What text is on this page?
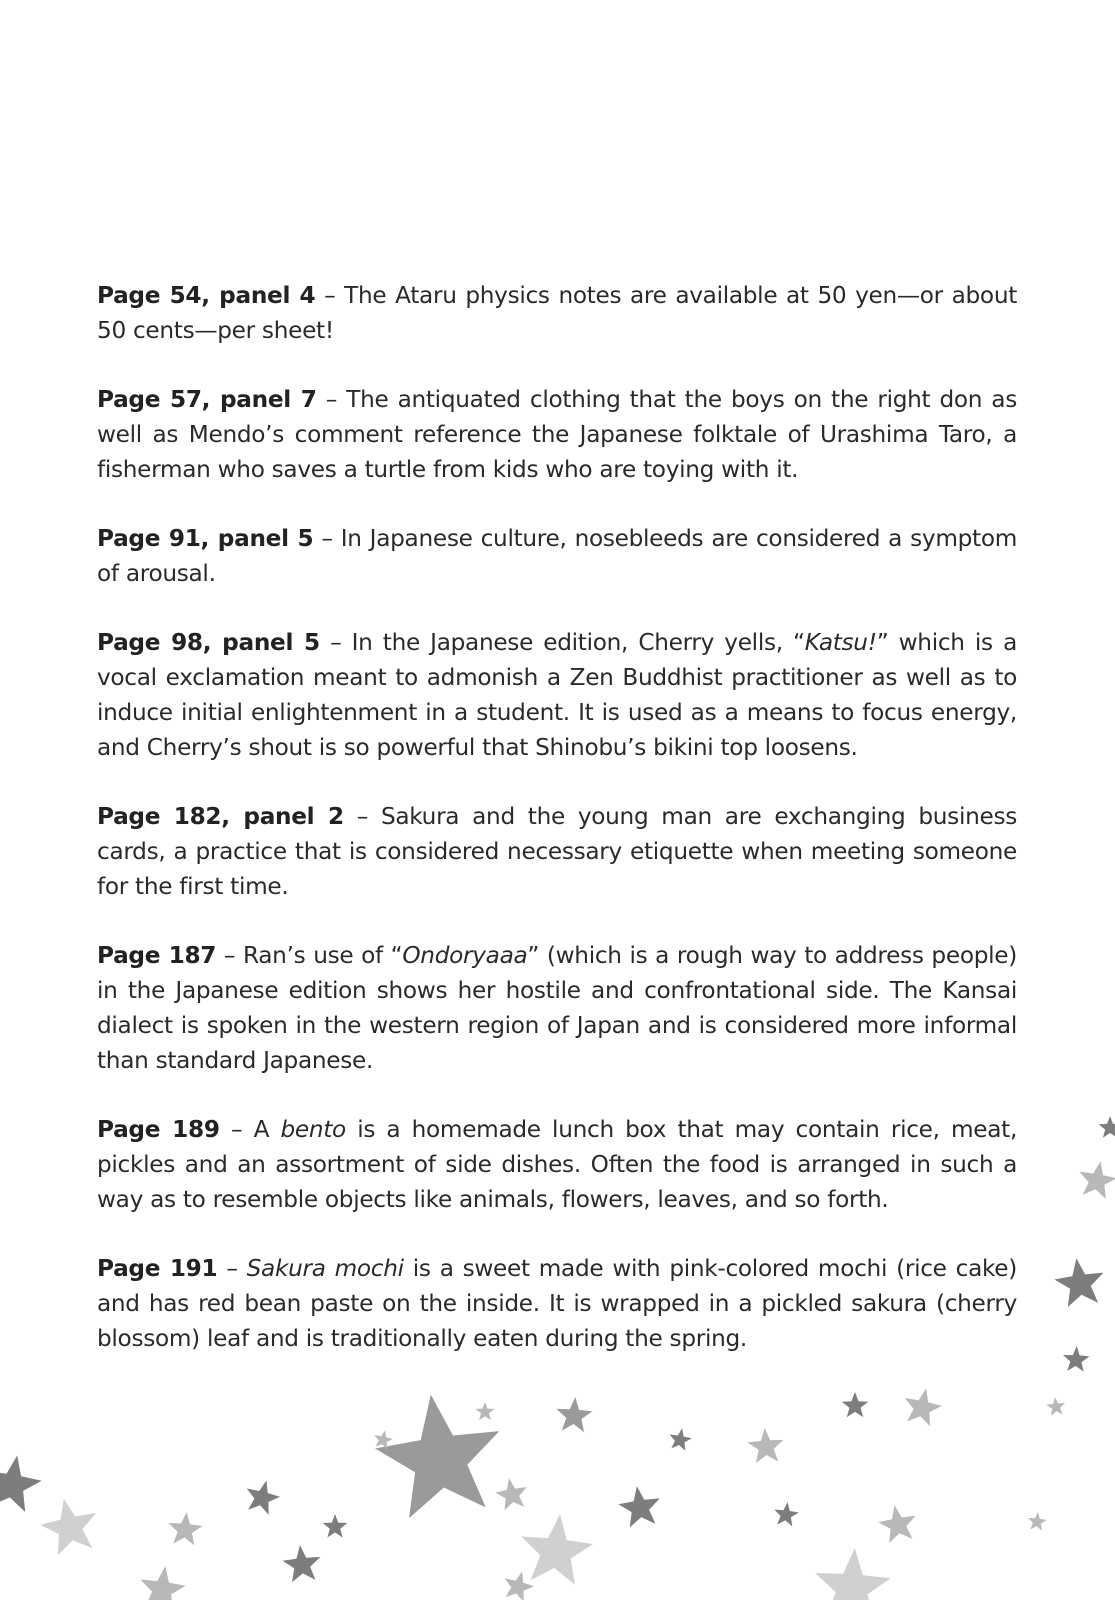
Page 54, panel 4 – The Ataru physics notes are available at 50 yen—or about 50 cents—per sheet!

Page 57, panel 7 – The antiquated clothing that the boys on the right don as well as Mendo’s comment reference the Japanese folktale of Urashima Taro, a fisherman who saves a turtle from kids who are toying with it.

Page 91, panel 5 – In Japanese culture, nosebleeds are considered a symptom of arousal.

Page 98, panel 5 – In the Japanese edition, Cherry yells, “Katsu!” which is a vocal exclamation meant to admonish a Zen Buddhist practitioner as well as to induce initial enlightenment in a student. It is used as a means to focus energy, and Cherry’s shout is so powerful that Shinobu’s bikini top loosens.

Page 182, panel 2 – Sakura and the young man are exchanging business cards, a practice that is considered necessary etiquette when meeting someone for the first time.

Page 187 – Ran’s use of “Ondoryaaa” (which is a rough way to address people) in the Japanese edition shows her hostile and confrontational side. The Kansai dialect is spoken in the western region of Japan and is considered more informal than standard Japanese.

Page 189 – A bento is a homemade lunch box that may contain rice, meat, pickles and an assortment of side dishes. Often the food is arranged in such a way as to resemble objects like animals, flowers, leaves, and so forth.

Page 191 – Sakura mochi is a sweet made with pink-colored mochi (rice cake) and has red bean paste on the inside. It is wrapped in a pickled sakura (cherry blossom) leaf and is traditionally eaten during the spring.
